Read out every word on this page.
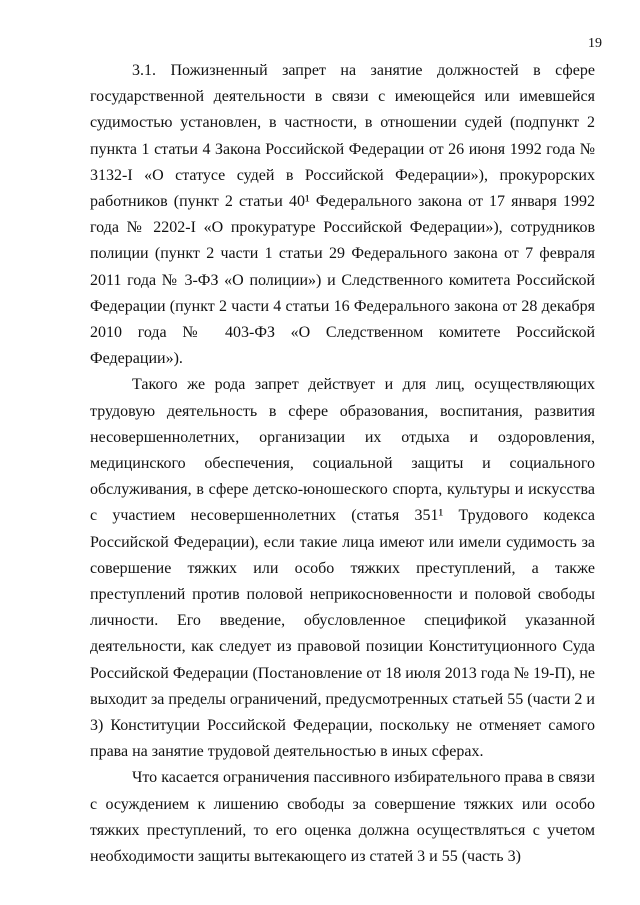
19

3.1. Пожизненный запрет на занятие должностей в сфере государственной деятельности в связи с имеющейся или имевшейся судимостью установлен, в частности, в отношении судей (подпункт 2 пункта 1 статьи 4 Закона Российской Федерации от 26 июня 1992 года № 3132-I «О статусе судей в Российской Федерации»), прокурорских работников (пункт 2 статьи 40¹ Федерального закона от 17 января 1992 года № 2202-I «О прокуратуре Российской Федерации»), сотрудников полиции (пункт 2 части 1 статьи 29 Федерального закона от 7 февраля 2011 года № 3-ФЗ «О полиции») и Следственного комитета Российской Федерации (пункт 2 части 4 статьи 16 Федерального закона от 28 декабря 2010 года № 403-ФЗ «О Следственном комитете Российской Федерации»).

Такого же рода запрет действует и для лиц, осуществляющих трудовую деятельность в сфере образования, воспитания, развития несовершеннолетних, организации их отдыха и оздоровления, медицинского обеспечения, социальной защиты и социального обслуживания, в сфере детско-юношеского спорта, культуры и искусства с участием несовершеннолетних (статья 351¹ Трудового кодекса Российской Федерации), если такие лица имеют или имели судимость за совершение тяжких или особо тяжких преступлений, а также преступлений против половой неприкосновенности и половой свободы личности. Его введение, обусловленное спецификой указанной деятельности, как следует из правовой позиции Конституционного Суда Российской Федерации (Постановление от 18 июля 2013 года № 19-П), не выходит за пределы ограничений, предусмотренных статьей 55 (части 2 и 3) Конституции Российской Федерации, поскольку не отменяет самого права на занятие трудовой деятельностью в иных сферах.

Что касается ограничения пассивного избирательного права в связи с осуждением к лишению свободы за совершение тяжких или особо тяжких преступлений, то его оценка должна осуществляться с учетом необходимости защиты вытекающего из статей 3 и 55 (часть 3)
